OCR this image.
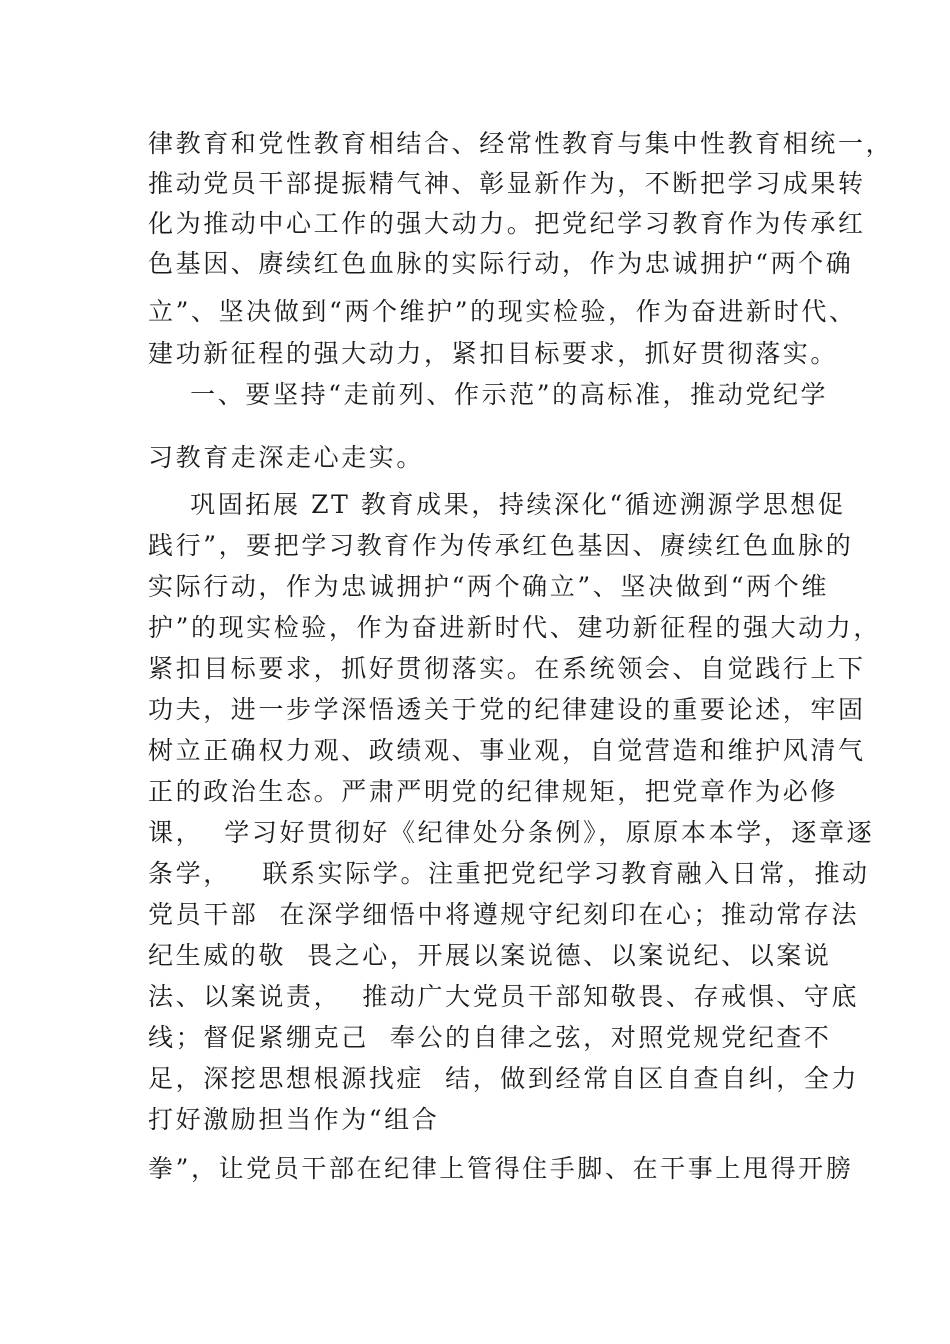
律教育和党性教育相结合、经常性教育与集中性教育相统一，
推动党员干部提振精气神、彰显新作为，不断把学习成果转
化为推动中心工作的强大动力。把党纪学习教育作为传承红
色基因、赓续红色血脉的实际行动，作为忠诚拥护“两个确
立”、坚决做到“两个维护”的现实检验，作为奋进新时代、
建功新征程的强大动力，紧扣目标要求，抓好贯彻落实。
一、要坚持“走前列、作示范”的高标准，推动党纪学
习教育走深走心走实。
巩固拓展 ZT 教育成果，持续深化“循迹溯源学思想促
践行”，要把学习教育作为传承红色基因、赓续红色血脉的
实际行动，作为忠诚拥护“两个确立”、坚决做到“两个维
护”的现实检验，作为奋进新时代、建功新征程的强大动力，
紧扣目标要求，抓好贯彻落实。在系统领会、自觉践行上下
功夫，进一步学深悟透关于党的纪律建设的重要论述，牢固
树立正确权力观、政绩观、事业观，自觉营造和维护风清气
正的政治生态。严肃严明党的纪律规矩，把党章作为必修
课，  学习好贯彻好《纪律处分条例》，原原本本学，逐章逐
条学，   联系实际学。注重把党纪学习教育融入日常，推动
党员干部  在深学细悟中将遵规守纪刻印在心；推动常存法
纪生威的敬  畏之心，开展以案说德、以案说纪、以案说
法、以案说责，  推动广大党员干部知敬畏、存戒惧、守底
线；督促紧绷克己  奉公的自律之弦，对照党规党纪查不
足，深挖思想根源找症  结，做到经常自区自查自纠，全力
打好激励担当作为“组合
拳”，让党员干部在纪律上管得住手脚、在干事上甩得开膀
